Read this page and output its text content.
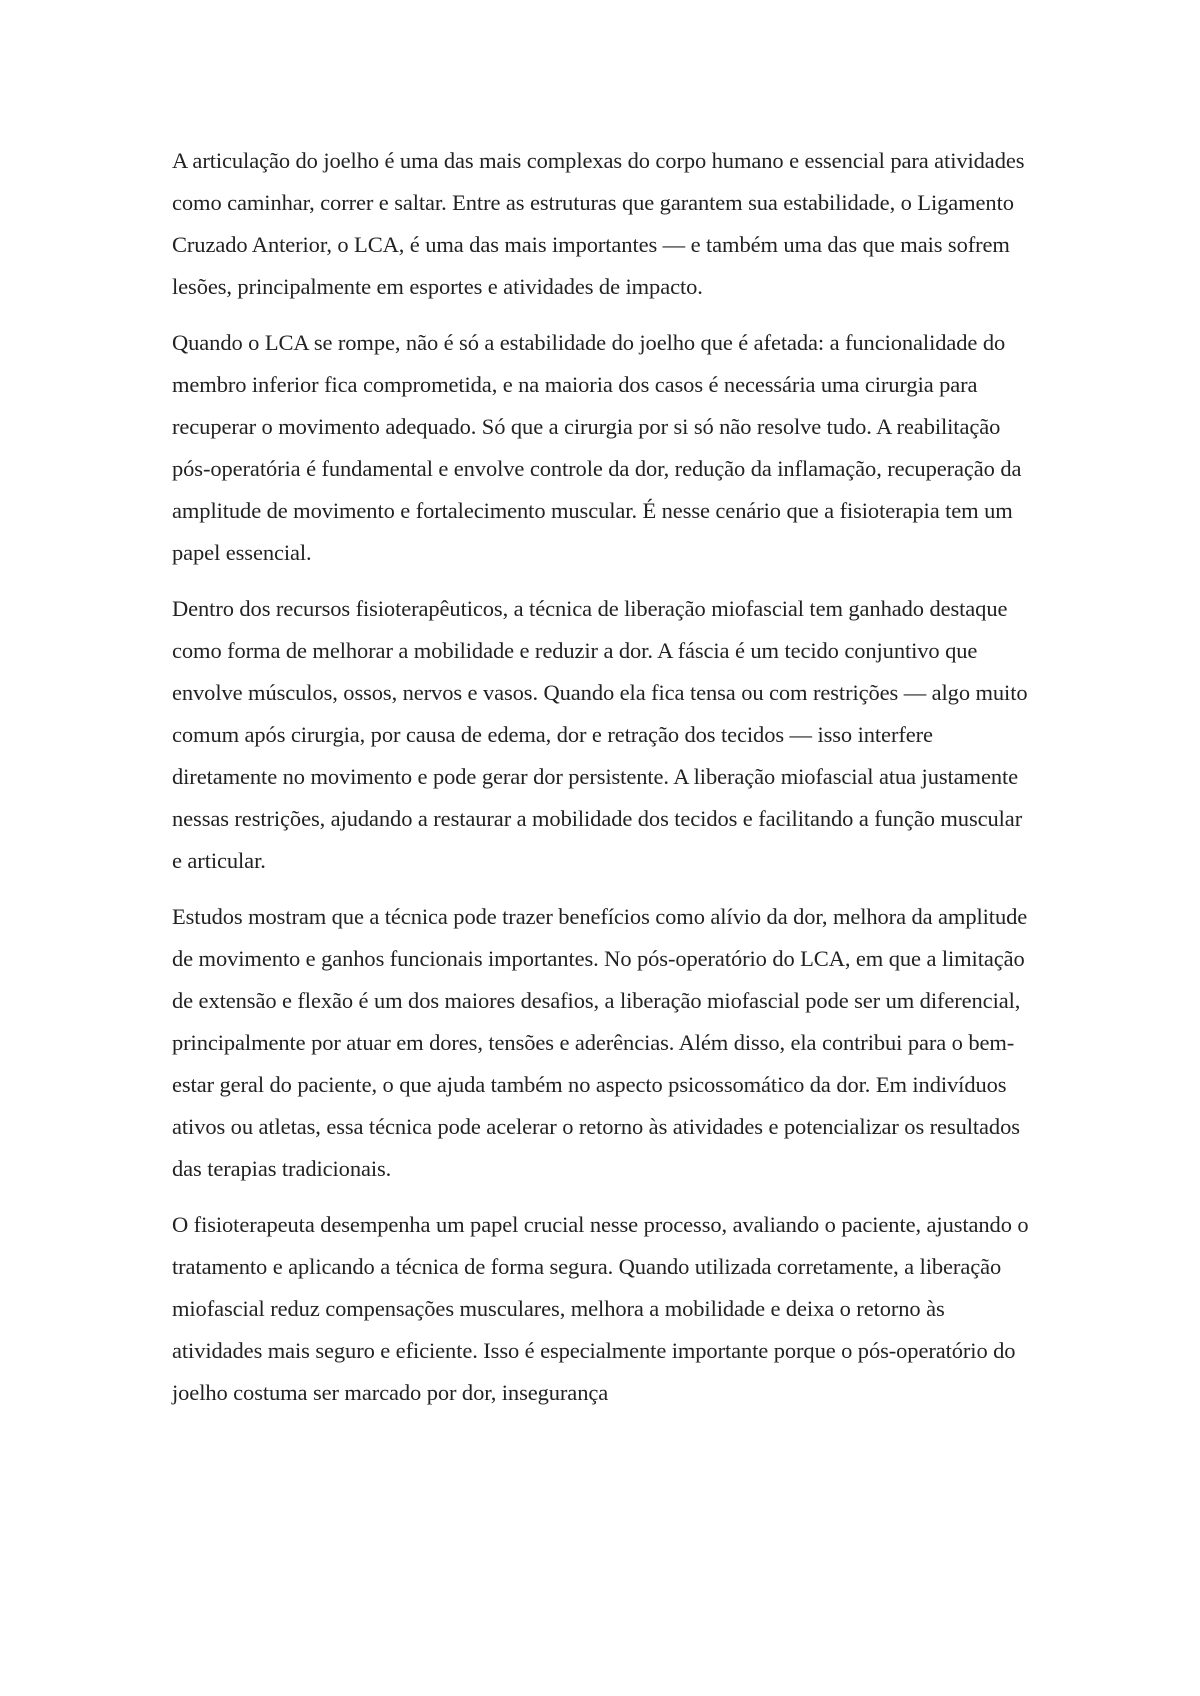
A articulação do joelho é uma das mais complexas do corpo humano e essencial para atividades como caminhar, correr e saltar. Entre as estruturas que garantem sua estabilidade, o Ligamento Cruzado Anterior, o LCA, é uma das mais importantes — e também uma das que mais sofrem lesões, principalmente em esportes e atividades de impacto.

Quando o LCA se rompe, não é só a estabilidade do joelho que é afetada: a funcionalidade do membro inferior fica comprometida, e na maioria dos casos é necessária uma cirurgia para recuperar o movimento adequado. Só que a cirurgia por si só não resolve tudo. A reabilitação pós-operatória é fundamental e envolve controle da dor, redução da inflamação, recuperação da amplitude de movimento e fortalecimento muscular. É nesse cenário que a fisioterapia tem um papel essencial.

Dentro dos recursos fisioterapêuticos, a técnica de liberação miofascial tem ganhado destaque como forma de melhorar a mobilidade e reduzir a dor. A fáscia é um tecido conjuntivo que envolve músculos, ossos, nervos e vasos. Quando ela fica tensa ou com restrições — algo muito comum após cirurgia, por causa de edema, dor e retração dos tecidos — isso interfere diretamente no movimento e pode gerar dor persistente. A liberação miofascial atua justamente nessas restrições, ajudando a restaurar a mobilidade dos tecidos e facilitando a função muscular e articular.

Estudos mostram que a técnica pode trazer benefícios como alívio da dor, melhora da amplitude de movimento e ganhos funcionais importantes. No pós-operatório do LCA, em que a limitação de extensão e flexão é um dos maiores desafios, a liberação miofascial pode ser um diferencial, principalmente por atuar em dores, tensões e aderências. Além disso, ela contribui para o bem-estar geral do paciente, o que ajuda também no aspecto psicossomático da dor. Em indivíduos ativos ou atletas, essa técnica pode acelerar o retorno às atividades e potencializar os resultados das terapias tradicionais.

O fisioterapeuta desempenha um papel crucial nesse processo, avaliando o paciente, ajustando o tratamento e aplicando a técnica de forma segura. Quando utilizada corretamente, a liberação miofascial reduz compensações musculares, melhora a mobilidade e deixa o retorno às atividades mais seguro e eficiente. Isso é especialmente importante porque o pós-operatório do joelho costuma ser marcado por dor, insegurança
